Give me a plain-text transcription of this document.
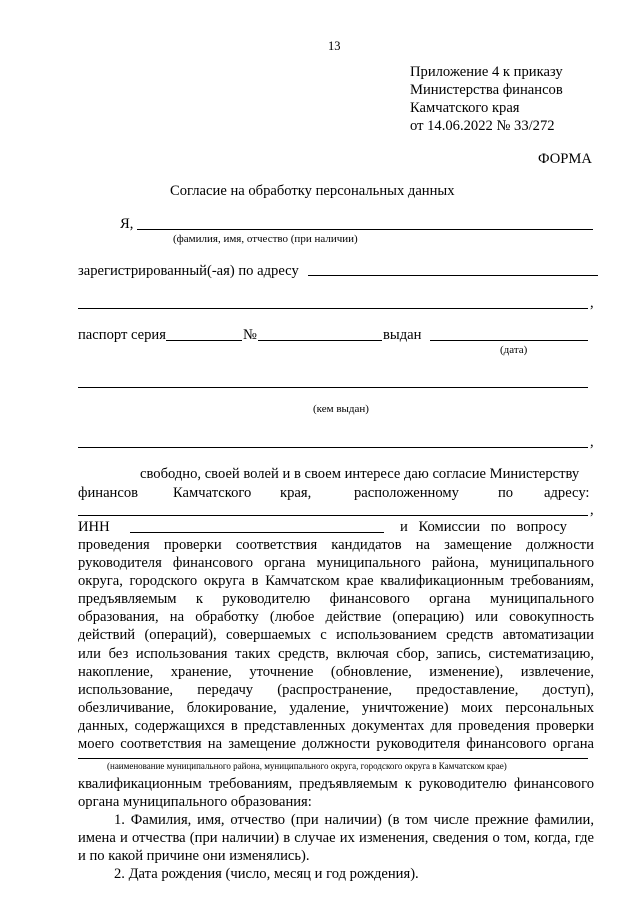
13
Приложение 4 к приказу
Министерства финансов
Камчатского края
от 14.06.2022 № 33/272
ФОРМА
Согласие на обработку персональных данных
Я,
(фамилия, имя, отчество (при наличии)
зарегистрированный(-ая) по адресу
,
паспорт серия	№	выдан
(дата)
(кем выдан)
,
свободно, своей волей и в своем интересе даю согласие Министерству
финансов Камчатского края,	расположенному	по адресу:
,
ИНН	и Комиссии по вопросу
проведения проверки соответствия кандидатов на замещение должности
руководителя финансового органа муниципального района, муниципального
округа, городского округа в Камчатском крае квалификационным требованиям,
предъявляемым к руководителю финансового органа муниципального
образования, на обработку (любое действие (операцию) или совокупность
действий (операций), совершаемых с использованием средств автоматизации
или без использования таких средств, включая сбор, запись, систематизацию,
накопление, хранение, уточнение (обновление, изменение), извлечение,
использование, передачу (распространение, предоставление, доступ),
обезличивание, блокирование, удаление, уничтожение) моих персональных
данных, содержащихся в представленных документах для проведения проверки
моего соответствия на замещение должности руководителя финансового органа
(наименование муниципального района, муниципального округа, городского округа в Камчатском крае)
квалификационным требованиям, предъявляемым к руководителю финансового
органа муниципального образования:
1. Фамилия, имя, отчество (при наличии) (в том числе прежние фамилии, имена и отчества (при наличии) в случае их изменения, сведения о том, когда, где и по какой причине они изменялись).
2. Дата рождения (число, месяц и год рождения).
